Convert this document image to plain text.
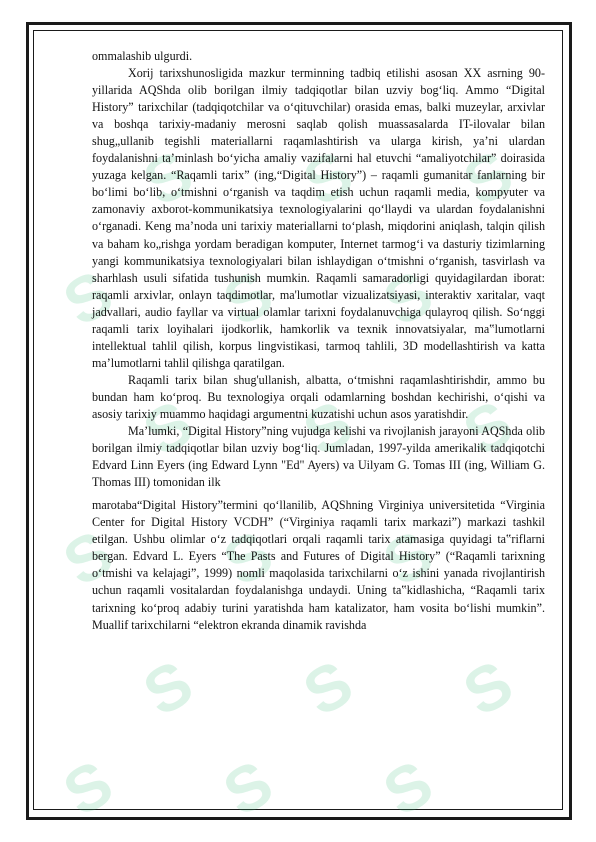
S S S
S S S
S S S
S S S
S S S
S S S

ommalashib ulgurdi.

Xorij tarixshunosligida mazkur terminning tadbiq etilishi asosan XX asrning 90-yillarida AQShda olib borilgan ilmiy tadqiqotlar bilan uzviy bog‘liq. Ammo “Digital History” tarixchilar (tadqiqotchilar va o‘qituvchilar) orasida emas, balki muzeylar, arxivlar va boshqa tarixiy-madaniy merosni saqlab qolish muassasalarda IT-ilovalar bilan shug„ullanib tegishli materiallarni raqamlashtirish va ularga kirish, ya’ni ulardan foydalanishni ta’minlash bo‘yicha amaliy vazifalarni hal etuvchi “amaliyotchilar” doirasida yuzaga kelgan. “Raqamli tarix” (ing,“Digital History”) – raqamli gumanitar fanlarning bir bo‘limi bo‘lib, o‘tmishni o‘rganish va taqdim etish uchun raqamli media, kompyuter va zamonaviy axborot-kommunikatsiya texnologiyalarini qo‘llaydi va ulardan foydalanishni o‘rganadi. Keng ma’noda uni tarixiy materiallarni to‘plash, miqdorini aniqlash, talqin qilish va baham ko„rishga yordam beradigan komputer, Internet tarmog‘i va dasturiy tizimlarning yangi kommunikatsiya texnologiyalari bilan ishlaydigan o‘tmishni o‘rganish, tasvirlash va sharhlash usuli sifatida tushunish mumkin. Raqamli samaradorligi quyidagilardan iborat: raqamli arxivlar, onlayn taqdimotlar, ma'lumotlar vizualizatsiyasi, interaktiv xaritalar, vaqt jadvallari, audio fayllar va virtual olamlar tarixni foydalanuvchiga qulayroq qilish. So‘nggi raqamli tarix loyihalari ijodkorlik, hamkorlik va texnik innovatsiyalar, ma‟lumotlarni intellektual tahlil qilish, korpus lingvistikasi, tarmoq tahlili, 3D modellashtirish va katta ma’lumotlarni tahlil qilishga qaratilgan.

Raqamli tarix bilan shug'ullanish, albatta, o‘tmishni raqamlashtirishdir, ammo bu bundan ham ko‘proq. Bu texnologiya orqali odamlarning boshdan kechirishi, o‘qishi va asosiy tarixiy muammo haqidagi argumentni kuzatishi uchun asos yaratishdir.

Ma’lumki, “Digital History”ning vujudga kelishi va rivojlanish jarayoni AQShda olib borilgan ilmiy tadqiqotlar bilan uzviy bog‘liq. Jumladan, 1997-yilda amerikalik tadqiqotchi Edvard Linn Eyers (ing Edward Lynn "Ed" Ayers) va Uilyam G. Tomas III (ing, William G. Thomas III) tomonidan ilk

marotaba“Digital History”termini qo‘llanilib, AQShning Virginiya universitetida “Virginia Center for Digital History VCDH” (“Virginiya raqamli tarix markazi”) markazi tashkil etilgan. Ushbu olimlar o‘z tadqiqotlari orqali raqamli tarix atamasiga quyidagi ta‟riflarni bergan. Edvard L. Eyers “The Pasts and Futures of Digital History” (“Raqamli tarixning o‘tmishi va kelajagi”, 1999) nomli maqolasida tarixchilarni o‘z ishini yanada rivojlantirish uchun raqamli vositalardan foydalanishga undaydi. Uning ta‟kidlashicha, “Raqamli tarix tarixning ko‘proq adabiy turini yaratishda ham katalizator, ham vosita bo‘lishi mumkin”. Muallif tarixchilarni “elektron ekranda dinamik ravishda
